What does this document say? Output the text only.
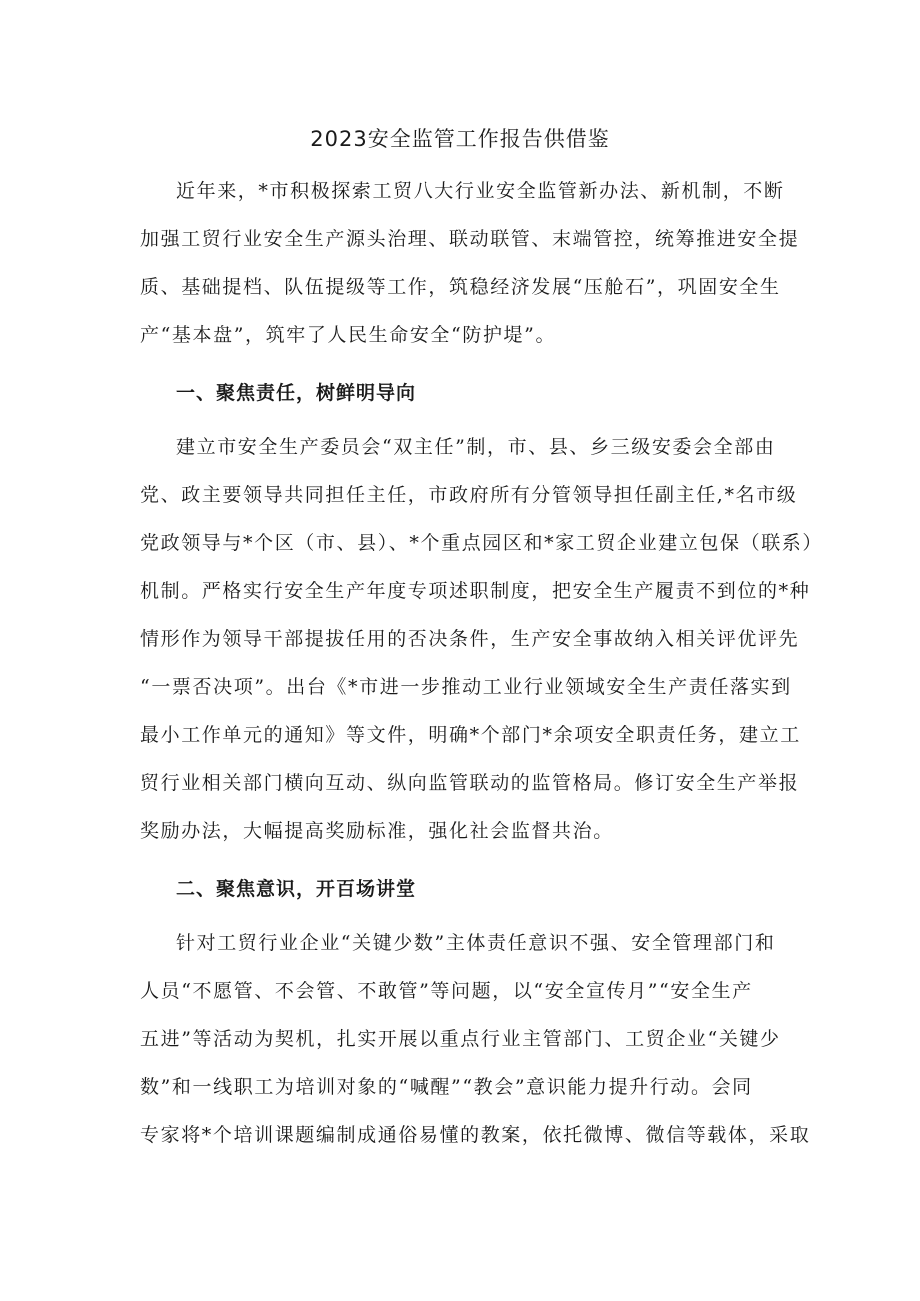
2023安全监管工作报告供借鉴
近年来，*市积极探索工贸八大行业安全监管新办法、新机制，不断
加强工贸行业安全生产源头治理、联动联管、末端管控，统筹推进安全提
质、基础提档、队伍提级等工作，筑稳经济发展“压舱石”，巩固安全生
产“基本盘”，筑牢了人民生命安全“防护堤”。
一、聚焦责任，树鲜明导向
建立市安全生产委员会“双主任”制，市、县、乡三级安委会全部由
党、政主要领导共同担任主任，市政府所有分管领导担任副主任,*名市级
党政领导与*个区（市、县）、*个重点园区和*家工贸企业建立包保（联系）
机制。严格实行安全生产年度专项述职制度，把安全生产履责不到位的*种
情形作为领导干部提拔任用的否决条件，生产安全事故纳入相关评优评先
“一票否决项”。出台《*市进一步推动工业行业领域安全生产责任落实到
最小工作单元的通知》等文件，明确*个部门*余项安全职责任务，建立工
贸行业相关部门横向互动、纵向监管联动的监管格局。修订安全生产举报
奖励办法，大幅提高奖励标准，强化社会监督共治。
二、聚焦意识，开百场讲堂
针对工贸行业企业“关键少数”主体责任意识不强、安全管理部门和
人员“不愿管、不会管、不敢管”等问题，以“安全宣传月”“安全生产
五进”等活动为契机，扎实开展以重点行业主管部门、工贸企业“关键少
数”和一线职工为培训对象的“喊醒”“教会”意识能力提升行动。会同
专家将*个培训课题编制成通俗易懂的教案，依托微博、微信等载体，采取
